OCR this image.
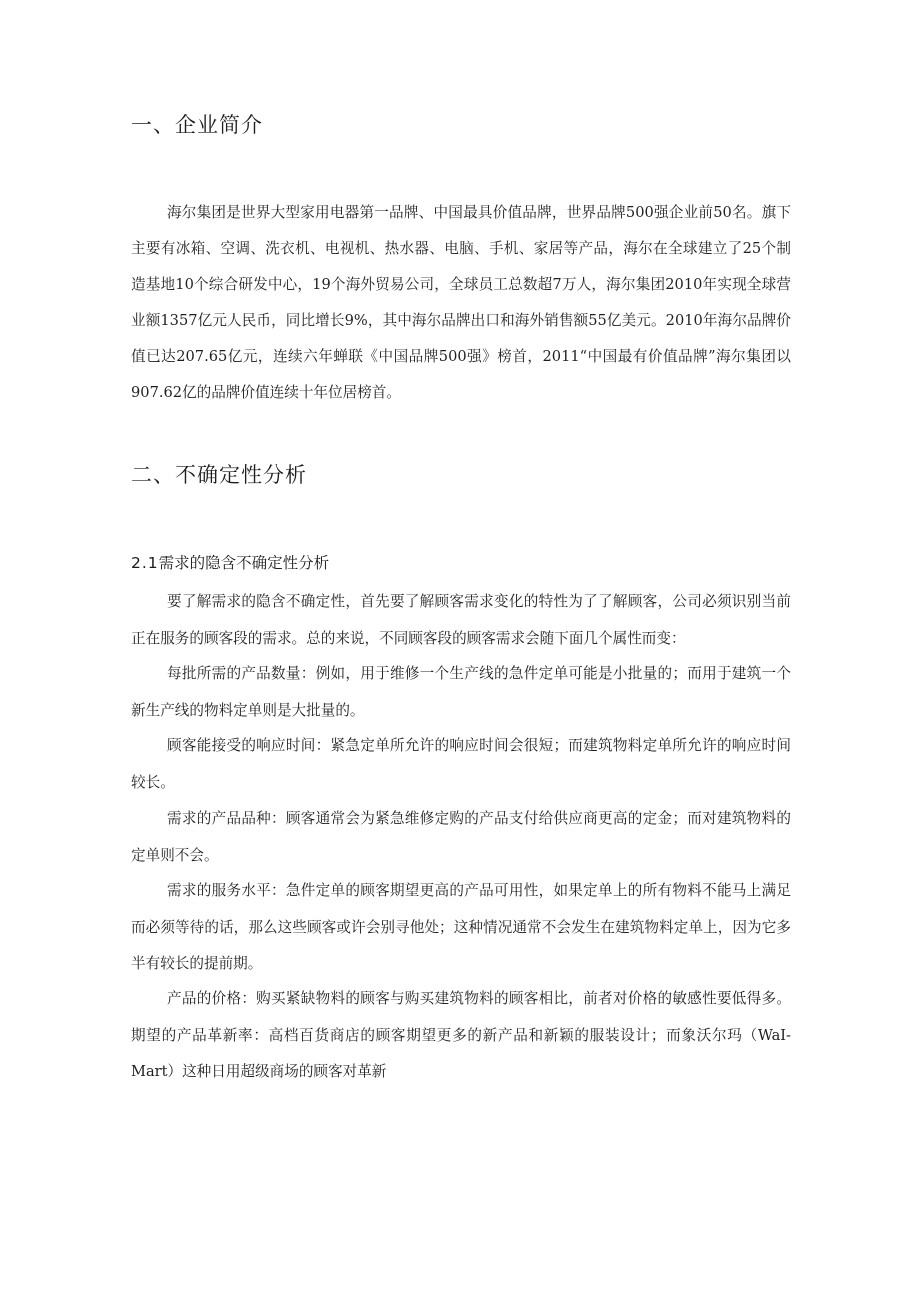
一、企业简介

海尔集团是世界大型家用电器第一品牌、中国最具价值品牌，世界品牌500强企业前50名。旗下主要有冰箱、空调、洗衣机、电视机、热水器、电脑、手机、家居等产品，海尔在全球建立了25个制造基地10个综合研发中心，19个海外贸易公司，全球员工总数超7万人，海尔集团2010年实现全球营业额1357亿元人民币，同比增长9%，其中海尔品牌出口和海外销售额55亿美元。2010年海尔品牌价值已达207.65亿元，连续六年蝉联《中国品牌500强》榜首，2011“中国最有价值品牌”海尔集团以907.62亿的品牌价值连续十年位居榜首。

二、不确定性分析
2.1需求的隐含不确定性分析

要了解需求的隐含不确定性，首先要了解顾客需求变化的特性为了了解顾客，公司必须识别当前正在服务的顾客段的需求。总的来说，不同顾客段的顾客需求会随下面几个属性而变：

每批所需的产品数量：例如，用于维修一个生产线的急件定单可能是小批量的；而用于建筑一个新生产线的物料定单则是大批量的。

顾客能接受的响应时间：紧急定单所允许的响应时间会很短；而建筑物料定单所允许的响应时间较长。

需求的产品品种：顾客通常会为紧急维修定购的产品支付给供应商更高的定金；而对建筑物料的定单则不会。

需求的服务水平：急件定单的顾客期望更高的产品可用性，如果定单上的所有物料不能马上满足而必须等待的话，那么这些顾客或许会别寻他处；这种情况通常不会发生在建筑物料定单上，因为它多半有较长的提前期。

产品的价格：购买紧缺物料的顾客与购买建筑物料的顾客相比，前者对价格的敏感性要低得多。期望的产品革新率：高档百货商店的顾客期望更多的新产品和新颖的服装设计；而象沃尔玛（WaI-Mart）这种日用超级商场的顾客对革新
